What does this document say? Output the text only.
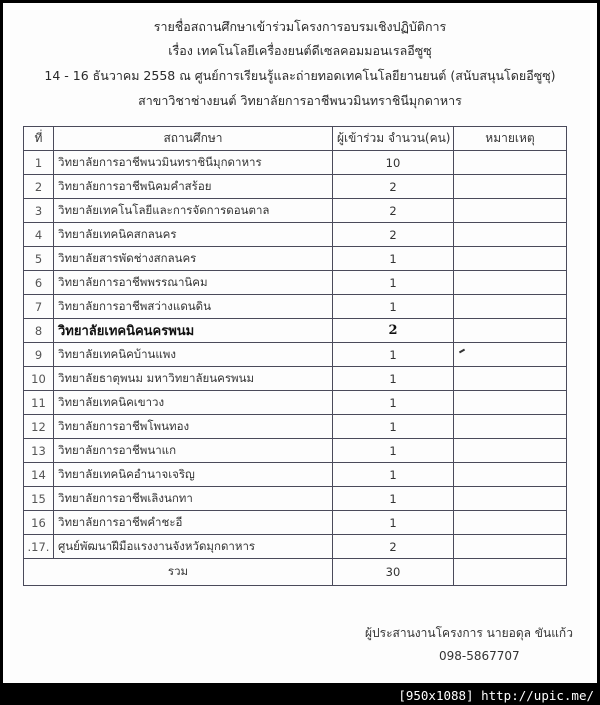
รายชื่อสถานศึกษาเข้าร่วมโครงการอบรมเชิงปฏิบัติการ
เรื่อง เทคโนโลยีเครื่องยนต์ดีเซลคอมมอนเรลอีซูซุ
14 - 16 ธันวาคม 2558 ณ ศูนย์การเรียนรู้และถ่ายทอดเทคโนโลยียานยนต์ (สนับสนุนโดยอีซูซุ)
สาขาวิชาช่างยนต์ วิทยาลัยการอาชีพนวมินทราชินีมุกดาหาร
ที่	สถานศึกษา	ผู้เข้าร่วม จำนวน(คน)	หมายเหตุ
1	วิทยาลัยการอาชีพนวมินทราชินีมุกดาหาร	10	
2	วิทยาลัยการอาชีพนิคมคำสร้อย	2	
3	วิทยาลัยเทคโนโลยีและการจัดการดอนตาล	2	
4	วิทยาลัยเทคนิคสกลนคร	2	
5	วิทยาลัยสารพัดช่างสกลนคร	1	
6	วิทยาลัยการอาชีพพรรณานิคม	1	
7	วิทยาลัยการอาชีพสว่างแดนดิน	1	
8	วิทยาลัยเทคนิคนครพนม	2	
9	วิทยาลัยเทคนิคบ้านแพง	1	
10	วิทยาลัยธาตุพนม มหาวิทยาลัยนครพนม	1	
11	วิทยาลัยเทคนิคเขาวง	1	
12	วิทยาลัยการอาชีพโพนทอง	1	
13	วิทยาลัยการอาชีพนาแก	1	
14	วิทยาลัยเทคนิคอำนาจเจริญ	1	
15	วิทยาลัยการอาชีพเลิงนกทา	1	
16	วิทยาลัยการอาชีพคำชะอี	1	
.17.	ศูนย์พัฒนาฝีมือแรงงานจังหวัดมุกดาหาร	2	
รวม		30	
ผู้ประสานงานโครงการ นายอดุล ขันแก้ว
098-5867707
[950x1088] http://upic.me/
